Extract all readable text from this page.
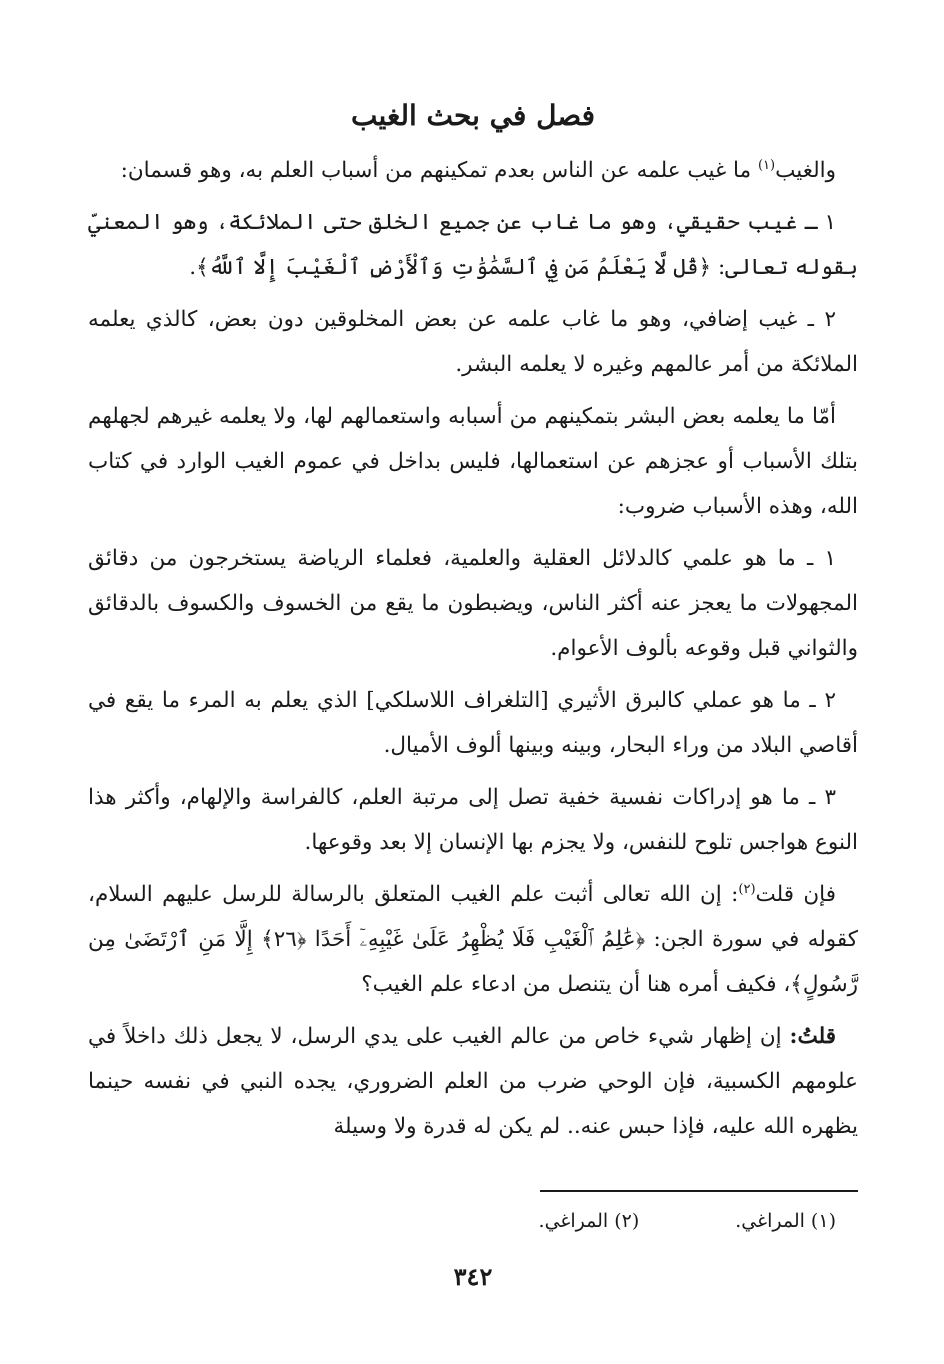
فصل في بحث الغيب

والغيب$^{(١)}$ ما غيب علمه عن الناس بعدم تمكينهم من أسباب العلم به، وهو قسمان:

١ ـ غيب حقيقي، وهو ما غاب عن جميع الخلق حتى الملائكة، وهو المعنيّ بقوله تعالى: ﴿قُل لَّا يَعْلَمُ مَن فِي ٱلسَّمَٰوَٰتِ وَٱلْأَرْضِ ٱلْغَيْبَ إِلَّا ٱللَّهُ﴾.

٢ ـ غيب إضافي، وهو ما غاب علمه عن بعض المخلوقين دون بعض، كالذي يعلمه الملائكة من أمر عالمهم وغيره لا يعلمه البشر.

أمّا ما يعلمه بعض البشر بتمكينهم من أسبابه واستعمالهم لها، ولا يعلمه غيرهم لجهلهم بتلك الأسباب أو عجزهم عن استعمالها، فليس بداخل في عموم الغيب الوارد في كتاب الله، وهذه الأسباب ضروب:

١ ـ ما هو علمي كالدلائل العقلية والعلمية، فعلماء الرياضة يستخرجون من دقائق المجهولات ما يعجز عنه أكثر الناس، ويضبطون ما يقع من الخسوف والكسوف بالدقائق والثواني قبل وقوعه بألوف الأعوام.

٢ ـ ما هو عملي كالبرق الأثيري [التلغراف اللاسلكي] الذي يعلم به المرء ما يقع في أقاصي البلاد من وراء البحار، وبينه وبينها ألوف الأميال.

٣ ـ ما هو إدراكات نفسية خفية تصل إلى مرتبة العلم، كالفراسة والإلهام، وأكثر هذا النوع هواجس تلوح للنفس، ولا يجزم بها الإنسان إلا بعد وقوعها.

فإن قلت$^{(٢)}$: إن الله تعالى أثبت علم الغيب المتعلق بالرسالة للرسل عليهم السلام، كقوله في سورة الجن: ﴿عَٰلِمُ ٱلْغَيْبِ فَلَا يُظْهِرُ عَلَىٰ غَيْبِهِۦٓ أَحَدًا ﴿٢٦﴾ إِلَّا مَنِ ٱرْتَضَىٰ مِن رَّسُولٍ﴾، فكيف أمره هنا أن يتنصل من ادعاء علم الغيب؟

قلتُ: إن إظهار شيء خاص من عالم الغيب على يدي الرسل، لا يجعل ذلك داخلاً في علومهم الكسبية، فإن الوحي ضرب من العلم الضروري، يجده النبي في نفسه حينما يظهره الله عليه، فإذا حبس عنه.. لم يكن له قدرة ولا وسيلة

(١) المراغي.
(٢) المراغي.
٣٤٢
